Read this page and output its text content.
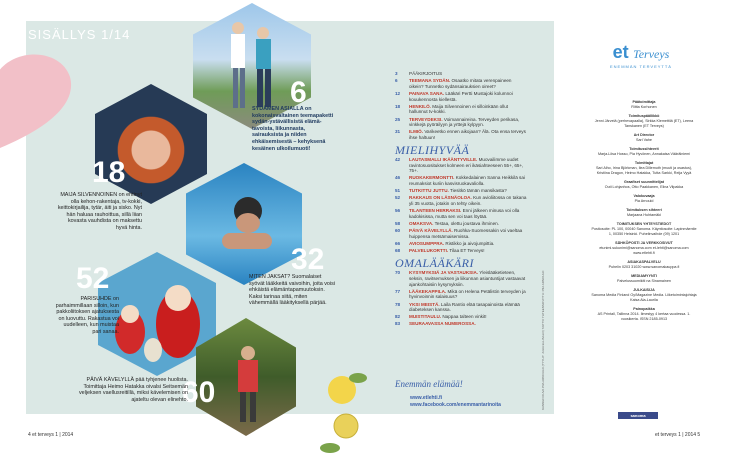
SISÄLLYS 1/14
6
18
32
52
60
SYDÄMEN ASIALLA on kokonaisvaltainen teemapaketti sydän-ystävällisistä elämä-tavoista, liikunnasta, sairauksista ja niiden ehkäisemisestä – kehyksenä kesäinen ulkoilumuoti!
MAIJA SILVENNOINEN on ehtinyt olla kehon-rakentaja, tv-kokki, keittokirjailija, tytär, äiti ja sisko. Nyt hän haluaa rauhoittua, sillä liian kovasta vauhdista on maksettu hyvä hinta.
MITEN JAKSAT? Suomalaiset syövät lääkkeitä vaivoihin, joita voisi ehkäistä elämäntapamuutoksin. Kaksi tarinaa siitä, miten vähemmällä lääkityksellä pärjää.
PARISUHDE on parhaimmillaan silloin, kun pakkoliitoksen ajatuksesta on luovuttu. Rakastua voi uudelleen, kun muistaa pari sanaa.
PÄIVÄ KÄVELYLLÄ pää tyhjenee huolista. Toimittaja Heimo Hatakka oivalsi Seitsemän veljeksen vaellusreitillä, miksi kävelemisen on ajateltu olevan elinehto.
3	PÄÄKIRJOITUS
6	TEEMANA SYDÄN. Osaatko mitata verenpaineen oikein? Tunnetko sydänsairauksien oireet?
12	PAINAVA SANA. Lääkäri Pertti Mustajoki kolumnoi kouukennosta kiellestä.
18	HENKILÖ. Maija Silvennoinen ei silloinkään ollut hallunnut tv-kokki.
25	TERVEYDEKSI. Voimannaireina. Terveyden perikasa, vinkkejä pyöräilyyn ja yrttejä kylpyyn.
31	ILMIÖ. Varikeetko ennen aikojaan? Älä. Ota ensa terveys ihse haltuun!
MIELIHYVÄÄ
42	LAUTASMALLI IKÄÄNTYVILLE. Muovailimme uudet ravintosuositukset kolmeen eri ikäsiahteeseen 55+, 65+, 75+.
46	RUOKAKERMONTTI. Kokkedalainen Sanna Heikkilä sai reumaksiot kuriin kasvisruokavaliolla.
51	TUTKITTU JUTTU. Tiesitkö tämän mansikasta?
52	RAKKAUS ON LÄSNÄOLOA. Kun avioliitossa on takana yli 35 vuotta, jotakin on tehty oikein.
56	TILANTEEN HERRAKSI. Enni jälkeen minusa voi olla kadokisissa, mutta sen voi taas löytää.
58	OMAKSVA. Testaa, olettu joustava ihminen.
60	PÄIVÄ KÄVELYLLÄ. Ruohka-Suomessakin voi vaeltaa huippensa metsämaisemissa.
66	AVIOSUMPPRA. Ristikko ja aivojumpittia.
68	PALVELUKORTTI. Tilaa ET Terveys!
OMALÄÄKÄRI
70	KYSYMYKSIÄ JA VASTAUKSIA. Yleislääketieteen, seksin, ravitsemuksen ja liikunnan asiantuntijat vastaavat ajankohtaisiin kysymyksiin.
77	LÄÄKEKAPPILA. Mikä on Helena Petälistin terveyden ja hyvinvoinnin salaisuus?
78	YKSI MEISTÄ. Laila Rantio elää tasapainoista elämää diabeteksen kanssa.
82	MUISTITAULU. Nappaa talteen vinkit!
83	SEURAAVASSA NUMEROSSA.
Enemmän elämää!
www.etlehti.fi
www.facebook.com/enemmantarinoita
4 et terveys 1 | 2014
KANNEN KUVA PIIA ARNOULD (TYYLIT: JUHA ELLISALO) TAITTO YHTEENSOVITTU: PIIA ARNOULD
et Terveys
ENEMMÄN TERVEYTTÄ
Päätoimittaja
Riitta Korhonen
Toimituspäällikkö
Jenni Järvelä (perhevapaalla), Sirkka Klemettilä (ET), Leena Tanskanen (ET Terveys)
Art Director
Sari Vahe
Toimitussihteerit
Marja-Liisa Hosso, Pia Hyvönen, Annakaisa Väärälniemi
Toimittajat
Sari Alho, Irina Björkman, Ilea Dillemuth (muuti ja osastus), Kristiina Dragon, Heimo Hatakka, Tutta Sarkki, Reija Vyyä
Graafiset suunnittelijat
Outi Lohjanhos, Otto Paakkanen, Elina Vilpakka
Valokuvaaja
Pia Arnould
Toimituksen sihteeri
Marjaana Huhtamäki
TOIMITUKSEN YHTEYSTIEDOT
Postiosoite: PL 100, 00040 Sanoma. Käyntiosoite: Lapinmäentie 1, 00350 Helsinki. Puhelinvaihde (09) 1201
SÄHKÖPOSTI JA VERKKOSIVUT
etunimi.sukunimi@sanoma.com et-lehti@sanoma.com www.etlehti.fi
ASIAKASPALVELU
Puhelin 0203 31020 www.sanomakauppa.fi
MEDIAMYYNTI
Palvelussuomikiti na Sinamainen
JULKAISIJA
Sanoma Media Finland Oy/Magazine Media. Liiketoimintajohtaja Kaisa Ala-Laurila
Painopaikka
AS Printall, Tallinna 2014. Ilmestyy 4 kertaa vuodessa. 1. vuosikerta. ISSN 2185-0913
sanoma
et terveys 1 | 2014 5
